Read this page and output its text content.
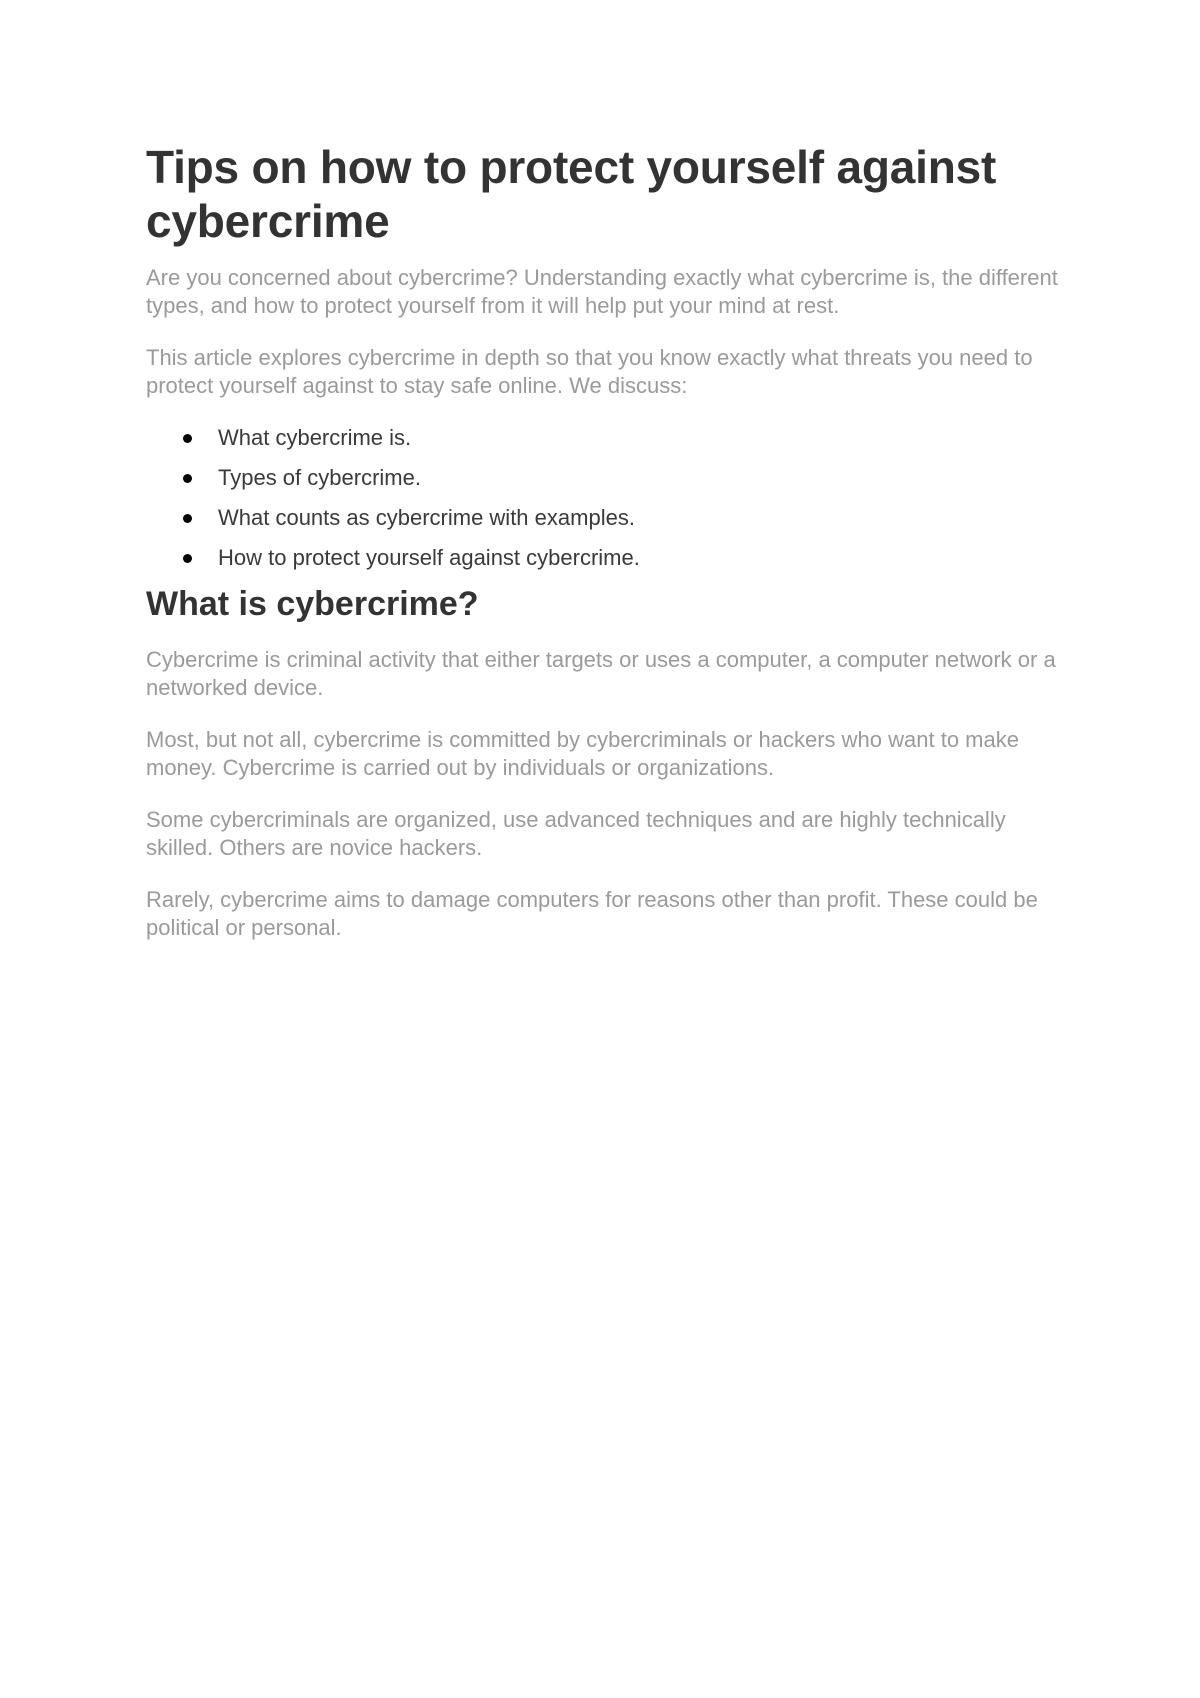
Tips on how to protect yourself against cybercrime

Are you concerned about cybercrime? Understanding exactly what cybercrime is, the different types, and how to protect yourself from it will help put your mind at rest.

This article explores cybercrime in depth so that you know exactly what threats you need to protect yourself against to stay safe online. We discuss:

What cybercrime is.
Types of cybercrime.
What counts as cybercrime with examples.
How to protect yourself against cybercrime.
What is cybercrime?

Cybercrime is criminal activity that either targets or uses a computer, a computer network or a networked device.

Most, but not all, cybercrime is committed by cybercriminals or hackers who want to make money. Cybercrime is carried out by individuals or organizations.

Some cybercriminals are organized, use advanced techniques and are highly technically skilled. Others are novice hackers.

Rarely, cybercrime aims to damage computers for reasons other than profit. These could be political or personal.
